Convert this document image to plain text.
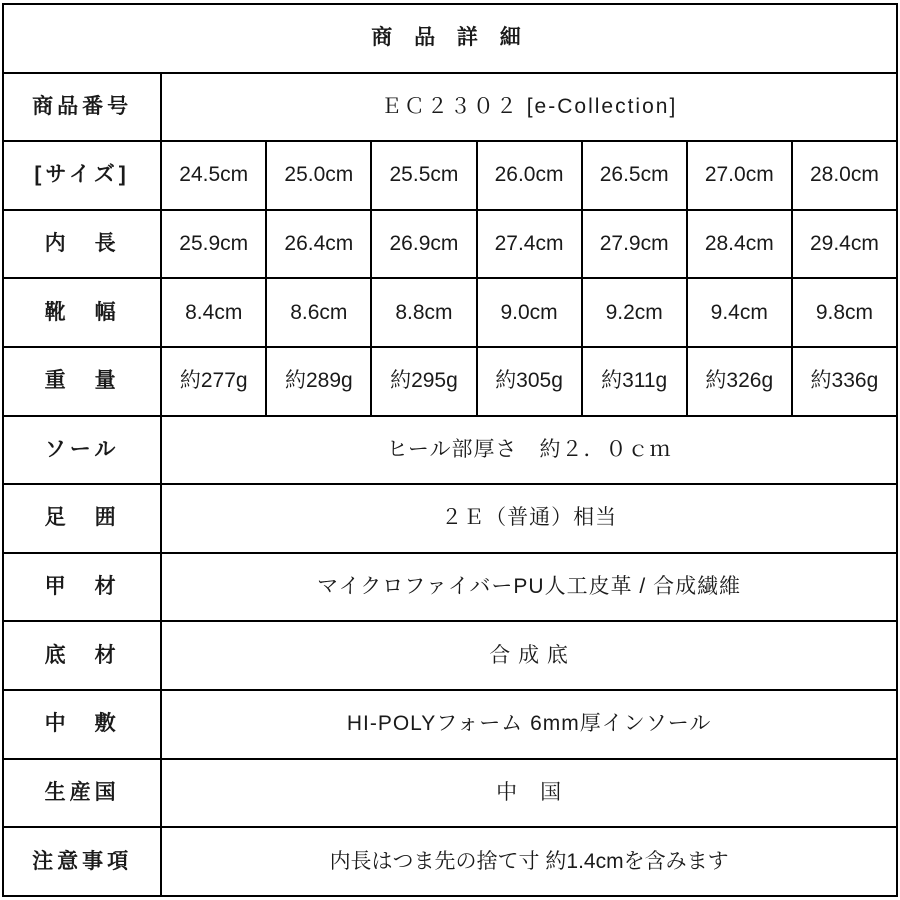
商 品 詳 細							
商品番号	ＥＣ２３０２ [e-Collection]						
[サイズ]	24.5cm	25.0cm	25.5cm	26.0cm	26.5cm	27.0cm	28.0cm
内　長	25.9cm	26.4cm	26.9cm	27.4cm	27.9cm	28.4cm	29.4cm
靴　幅	8.4cm	8.6cm	8.8cm	9.0cm	9.2cm	9.4cm	9.8cm
重　量	約277g	約289g	約295g	約305g	約311g	約326g	約336g
ソール	ヒール部厚さ　約２．０ｃｍ						
足　囲	２Ｅ（普通）相当						
甲　材	マイクロファイバーPU人工皮革 / 合成繊維						
底　材	合 成 底						
中　敷	HI-POLYフォーム 6mm厚インソール						
生産国	中　国						
注意事項	内長はつま先の捨て寸 約1.4cmを含みます						
